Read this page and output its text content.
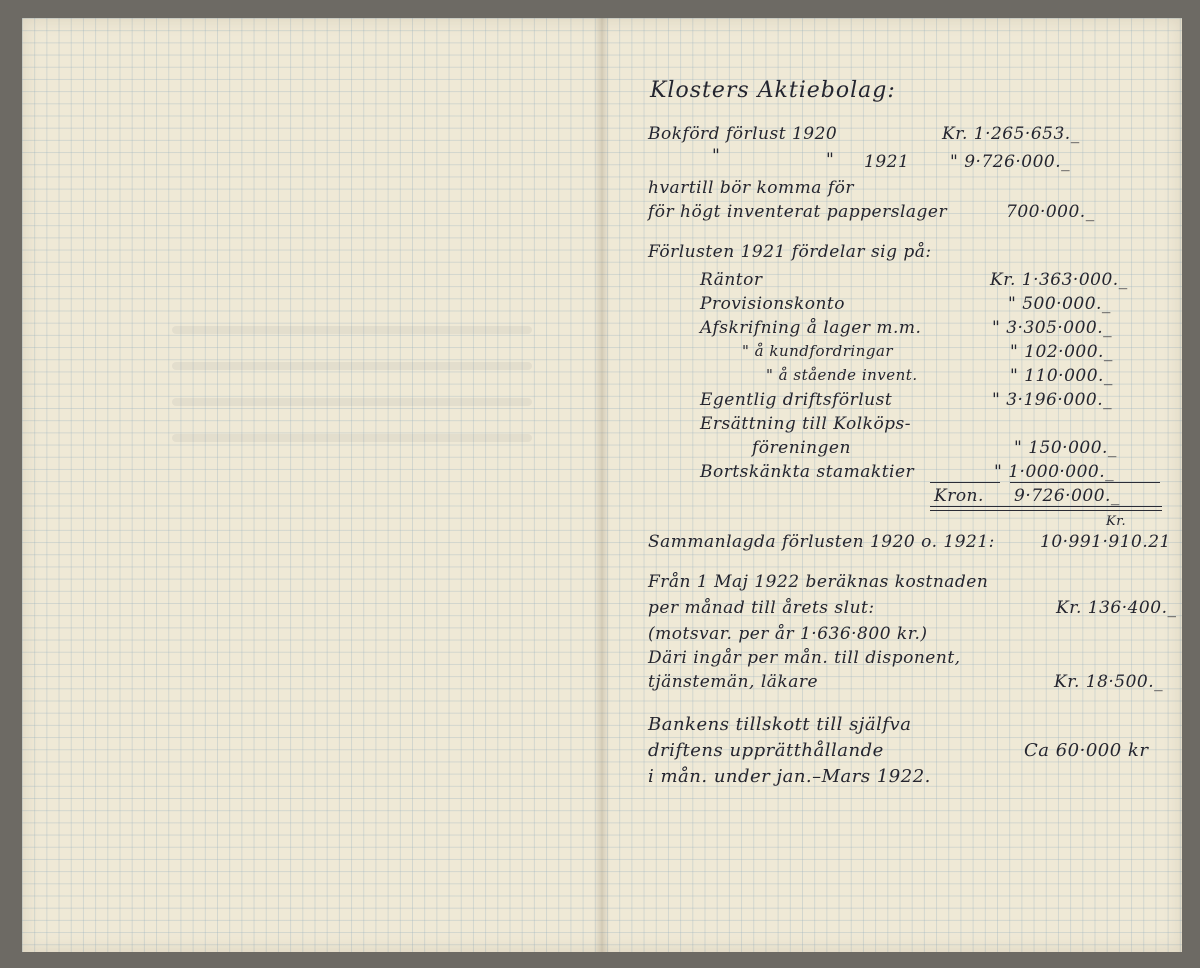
Klosters Aktiebolag:
Bokförd förlust 1920	Kr. 1·265·653._
"	" 1921 " 9·726·000._
hvartill bör komma för
för högt inventerat papperslager	700·000._
Förlusten 1921 fördelar sig på:
Räntor	Kr. 1·363·000._
Provisionskonto	" 500·000._
Afskrifning å lager m.m.	" 3·305·000._
" å kundfordringar	" 102·000._
" å stående invent.	" 110·000._
Egentlig driftsförlust	" 3·196·000._
Ersättning till Kolköps-
föreningen	" 150·000._
Bortskänkta stamaktier	" 1·000·000._
Kron. 9·726·000._
Kr.
Sammanlagda förlusten 1920 o. 1921:	10·991·910.21
Från 1 Maj 1922 beräknas kostnaden
per månad till årets slut:	Kr. 136·400._
(motsvar. per år 1·636·800 kr.)
Däri ingår per mån. till disponent,
tjänstemän, läkare	Kr. 18·500._
Bankens tillskott till själfva
driftens upprätthållande	Ca 60·000 kr
i mån. under jan.–Mars 1922.
